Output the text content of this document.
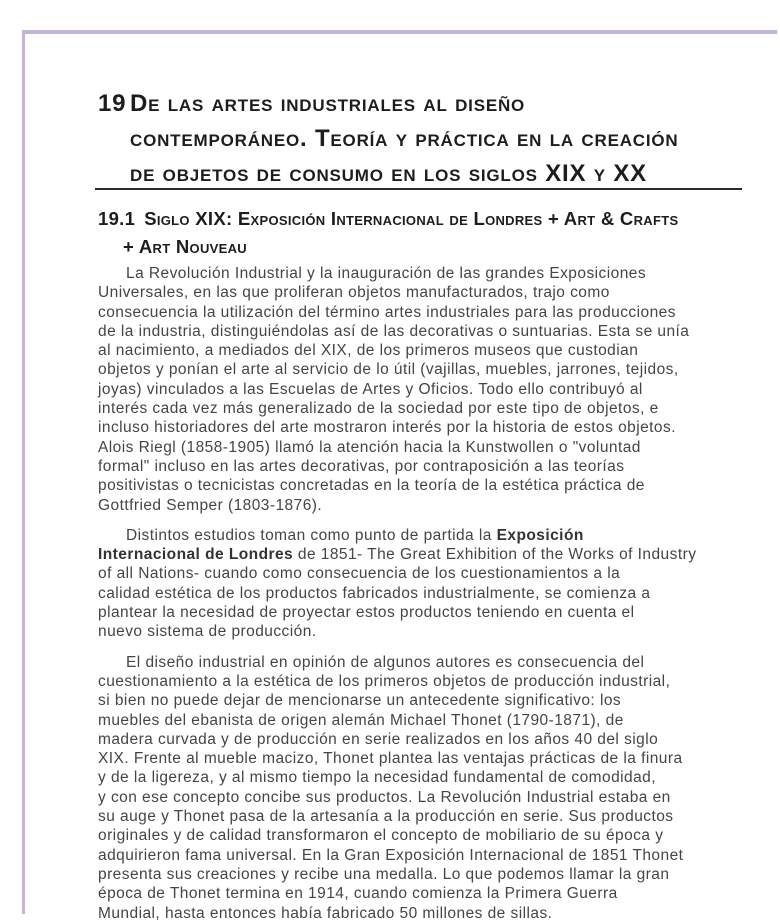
19 De las artes industriales al diseño
contemporáneo. Teoría y práctica en la creación
de objetos de consumo en los siglos XIX y XX
19.1 Siglo XIX: Exposición Internacional de Londres + Art & Crafts
+ Art Nouveau
La Revolución Industrial y la inauguración de las grandes Exposiciones
Universales, en las que proliferan objetos manufacturados, trajo como
consecuencia la utilización del término artes industriales para las producciones
de la industria, distinguiéndolas así de las decorativas o suntuarias. Esta se unía
al nacimiento, a mediados del XIX, de los primeros museos que custodian
objetos y ponían el arte al servicio de lo útil (vajillas, muebles, jarrones, tejidos,
joyas) vinculados a las Escuelas de Artes y Oficios. Todo ello contribuyó al
interés cada vez más generalizado de la sociedad por este tipo de objetos, e
incluso historiadores del arte mostraron interés por la historia de estos objetos.
Alois Riegl (1858-1905) llamó la atención hacia la Kunstwollen o "voluntad
formal" incluso en las artes decorativas, por contraposición a las teorías
positivistas o tecnicistas concretadas en la teoría de la estética práctica de
Gottfried Semper (1803-1876).
Distintos estudios toman como punto de partida la Exposición
Internacional de Londres de 1851- The Great Exhibition of the Works of Industry
of all Nations- cuando como consecuencia de los cuestionamientos a la
calidad estética de los productos fabricados industrialmente, se comienza a
plantear la necesidad de proyectar estos productos teniendo en cuenta el
nuevo sistema de producción.
El diseño industrial en opinión de algunos autores es consecuencia del
cuestionamiento a la estética de los primeros objetos de producción industrial,
si bien no puede dejar de mencionarse un antecedente significativo: los
muebles del ebanista de origen alemán Michael Thonet (1790-1871), de
madera curvada y de producción en serie realizados en los años 40 del siglo
XIX. Frente al mueble macizo, Thonet plantea las ventajas prácticas de la finura
y de la ligereza, y al mismo tiempo la necesidad fundamental de comodidad,
y con ese concepto concibe sus productos. La Revolución Industrial estaba en
su auge y Thonet pasa de la artesanía a la producción en serie. Sus productos
originales y de calidad transformaron el concepto de mobiliario de su época y
adquirieron fama universal. En la Gran Exposición Internacional de 1851 Thonet
presenta sus creaciones y recibe una medalla. Lo que podemos llamar la gran
época de Thonet termina en 1914, cuando comienza la Primera Guerra
Mundial, hasta entonces había fabricado 50 millones de sillas.
